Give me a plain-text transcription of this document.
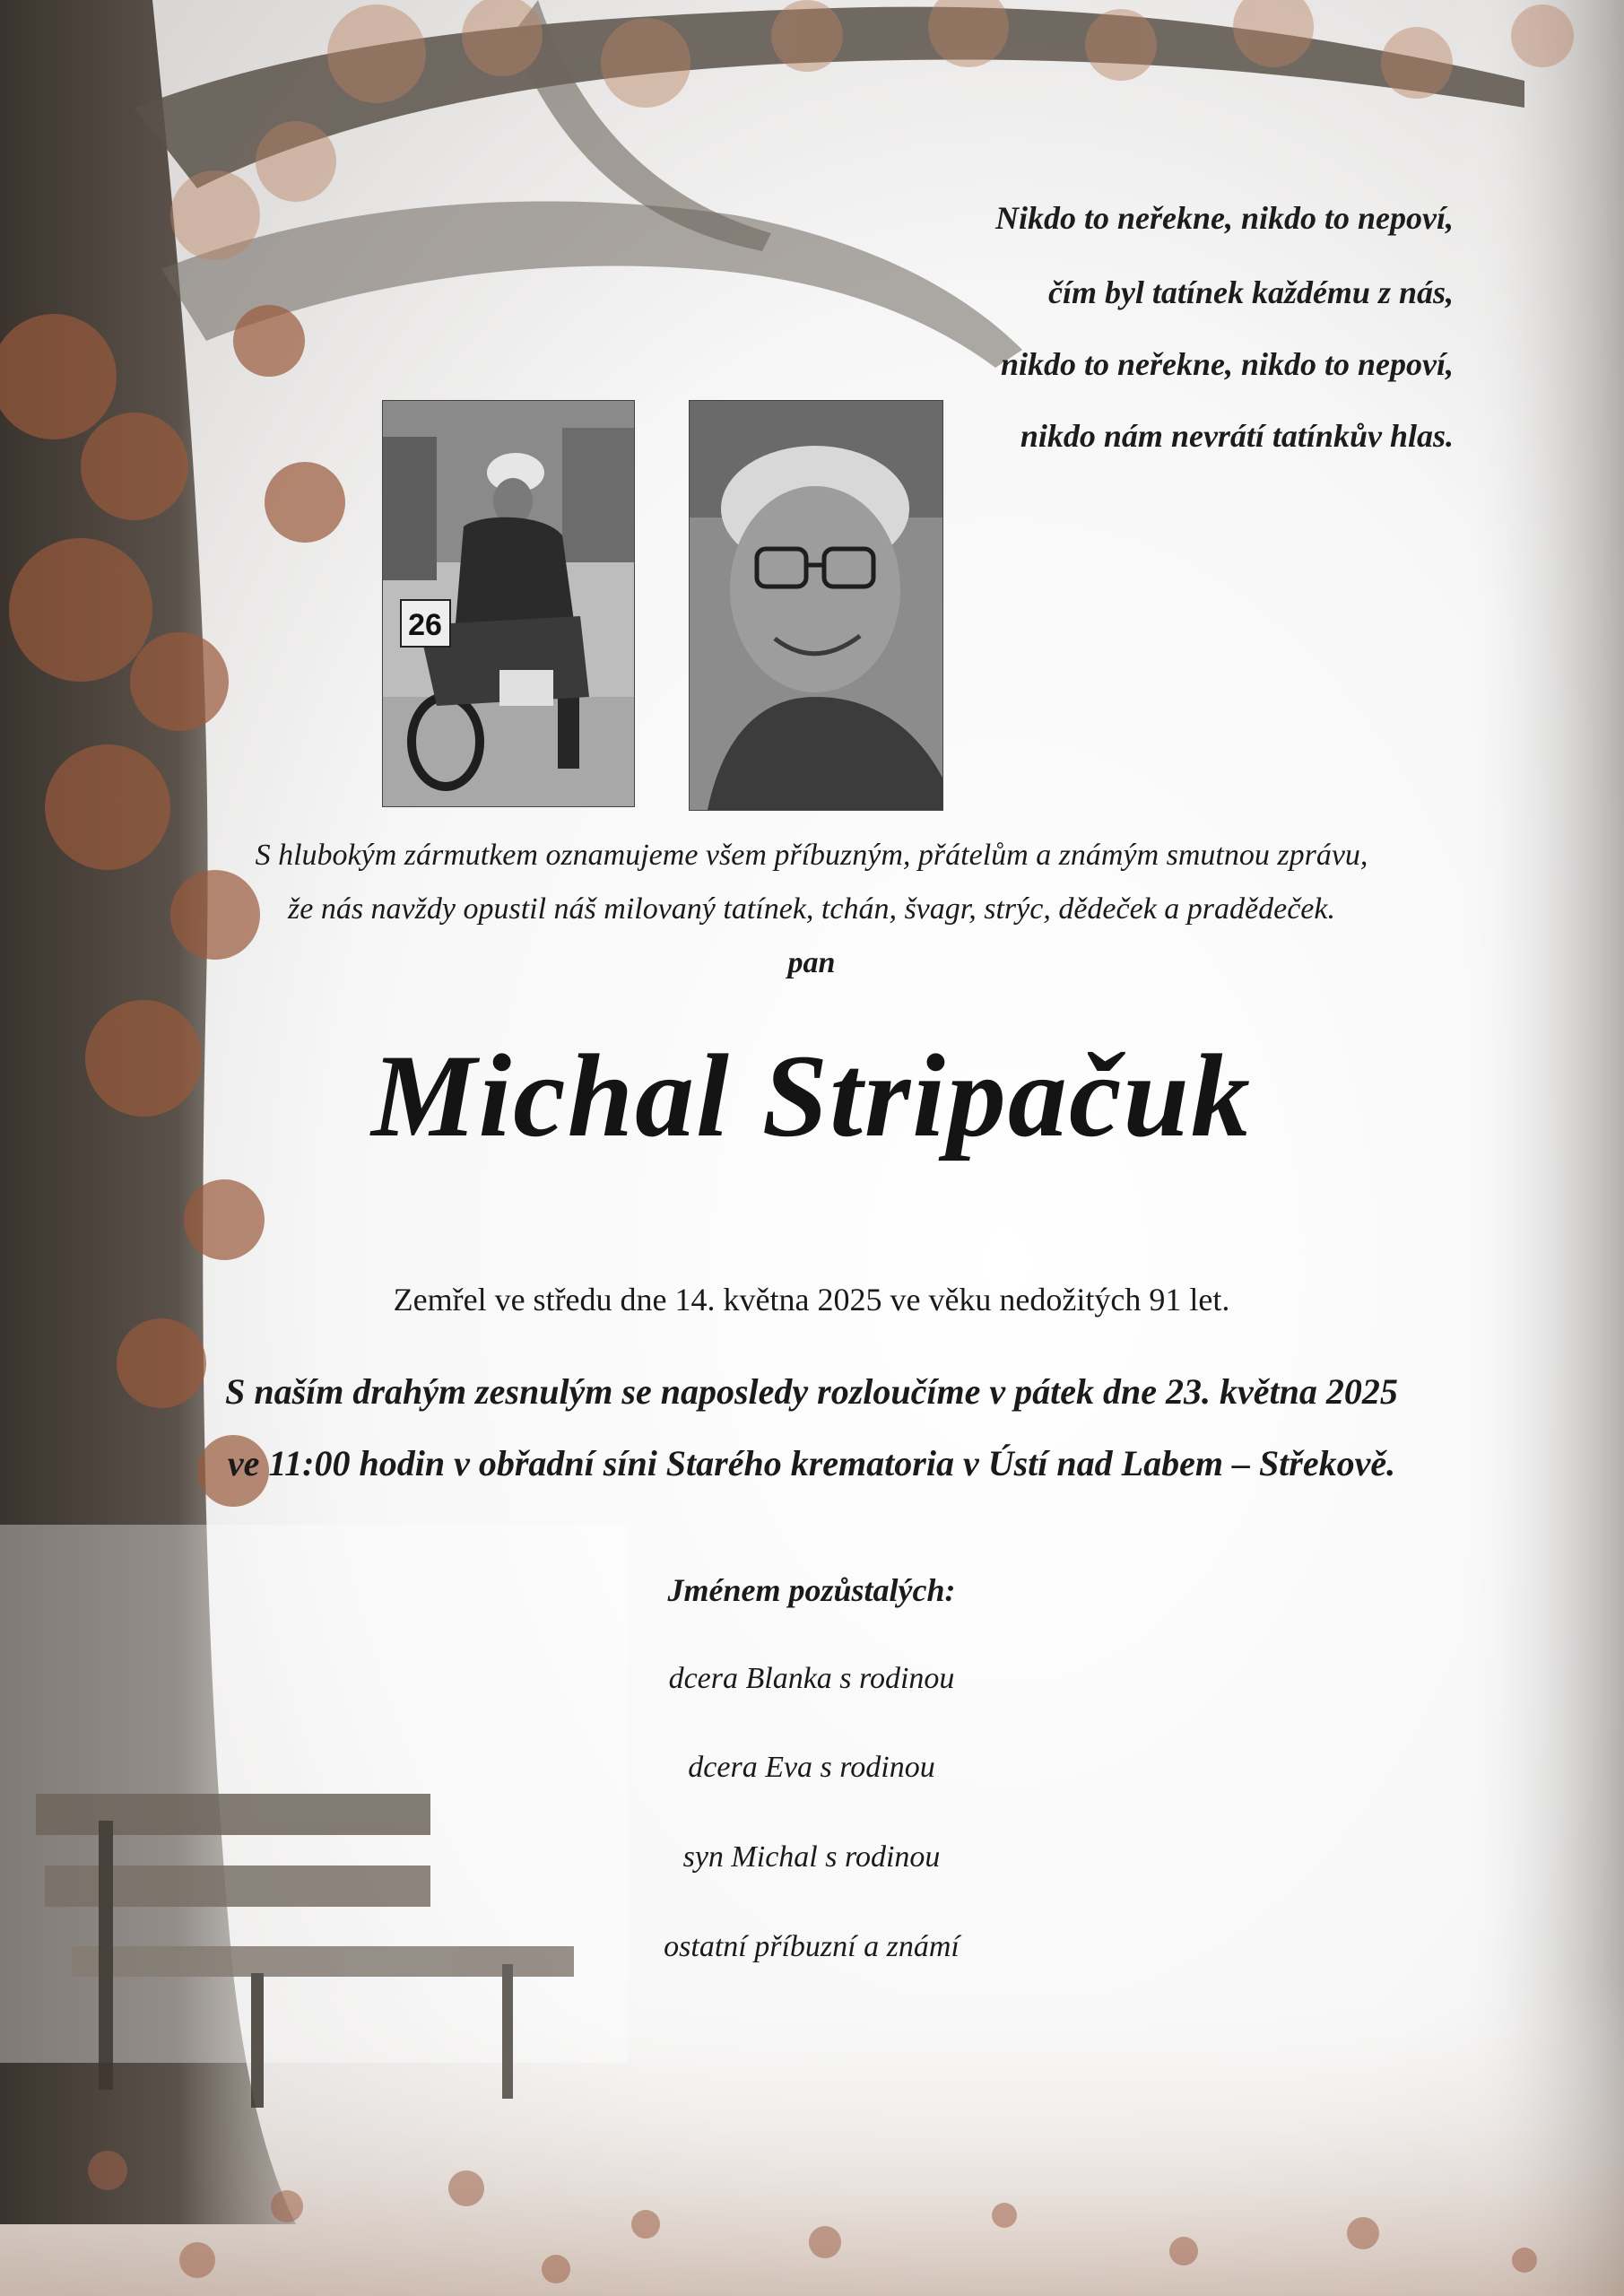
Nikdo to neřekne, nikdo to nepoví,

čím byl tatínek každému z nás,

nikdo to neřekne, nikdo to nepoví,

nikdo nám nevrátí tatínkův hlas.

26

S hlubokým zármutkem oznamujeme všem příbuzným, přátelům a známým smutnou zprávu,

že nás navždy opustil náš milovaný tatínek, tchán, švagr, strýc, dědeček a pradědeček.

pan

Michal Stripačuk

Zemřel ve středu dne 14. května 2025 ve věku nedožitých 91 let.

S naším drahým zesnulým se naposledy rozloučíme v pátek dne 23. května 2025

ve 11:00 hodin v obřadní síni Starého krematoria v Ústí nad Labem – Střekově.

Jménem pozůstalých:

dcera Blanka s rodinou

dcera Eva s rodinou

syn Michal s rodinou

ostatní příbuzní a známí
